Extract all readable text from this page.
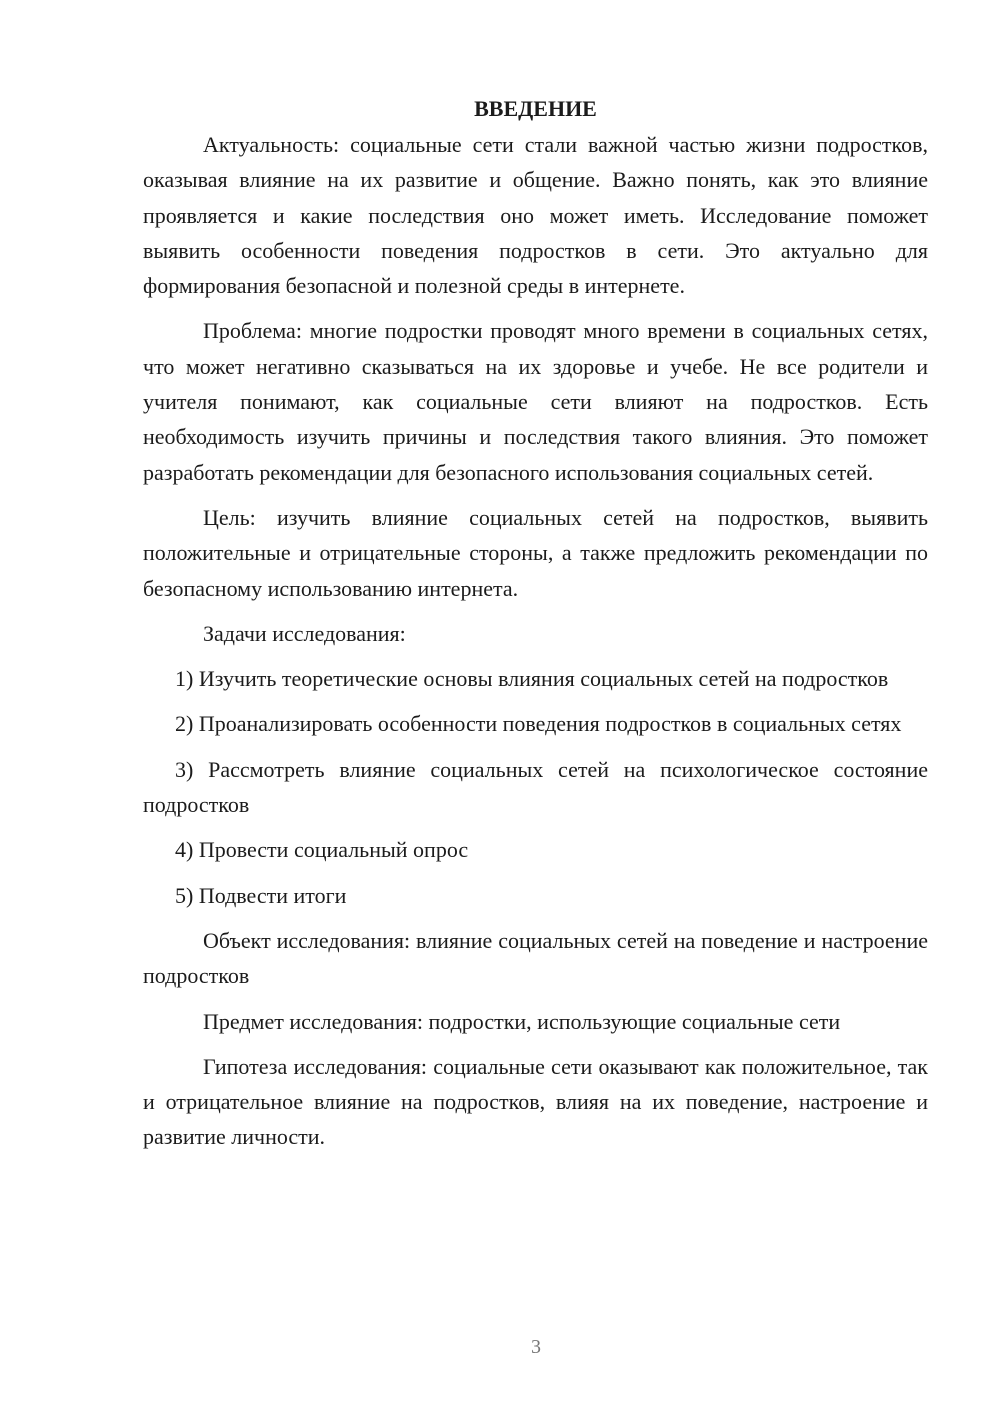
ВВЕДЕНИЕ

Актуальность: социальные сети стали важной частью жизни подростков, оказывая влияние на их развитие и общение. Важно понять, как это влияние проявляется и какие последствия оно может иметь. Исследование поможет выявить особенности поведения подростков в сети. Это актуально для формирования безопасной и полезной среды в интернете.

Проблема: многие подростки проводят много времени в социальных сетях, что может негативно сказываться на их здоровье и учебе. Не все родители и учителя понимают, как социальные сети влияют на подростков. Есть необходимость изучить причины и последствия такого влияния. Это поможет разработать рекомендации для безопасного использования социальных сетей.

Цель: изучить влияние социальных сетей на подростков, выявить положительные и отрицательные стороны, а также предложить рекомендации по безопасному использованию интернета.

Задачи исследования:

1) Изучить теоретические основы влияния социальных сетей на подростков

2) Проанализировать особенности поведения подростков в социальных сетях

3) Рассмотреть влияние социальных сетей на психологическое состояние подростков

4) Провести социальный опрос

5) Подвести итоги

Объект исследования: влияние социальных сетей на поведение и настроение подростков

Предмет исследования: подростки, использующие социальные сети

Гипотеза исследования: социальные сети оказывают как положительное, так и отрицательное влияние на подростков, влияя на их поведение, настроение и развитие личности.

3
